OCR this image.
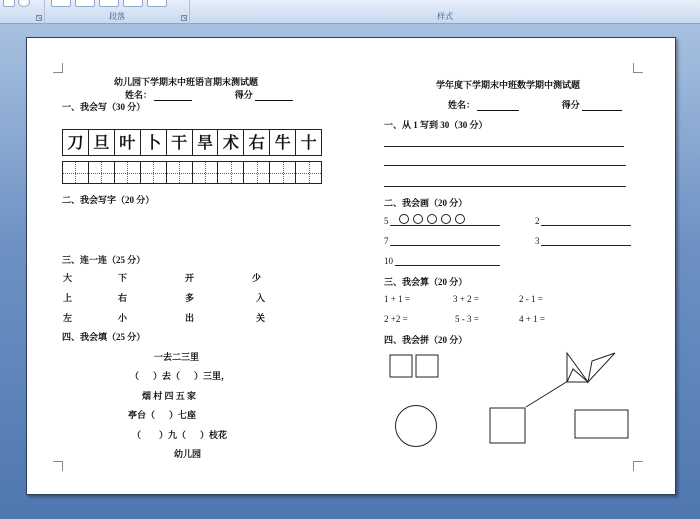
↘	段落	↘	样式
幼儿园下学期末中班语言期末测试题
姓名：	得分
一、我会写（30 分）
刀 旦 叶 卜 干 旱 术 右 牛 十
二、我会写字（20 分）
三、连一连（25 分）
大	下	开	少
上	右	多	入
左	小	出	关
四、我会填（25 分）
一去二三里
（ ）去（ ）三里，
烟 村 四 五 家
亭台（ ）七座
（ ）九（ ）枝花
幼儿园
学年度下学期末中班数学期中测试题
姓名：	得分
一、从 1 写到 30（30 分）
二、我会画（20 分）
5	2
7	3
10
三、我会算（20 分）
1 + 1 =	3 + 2 =	2 - 1 =
2 +2 =	5 - 3 =	4 + 1 =
四、我会拼（20 分）
